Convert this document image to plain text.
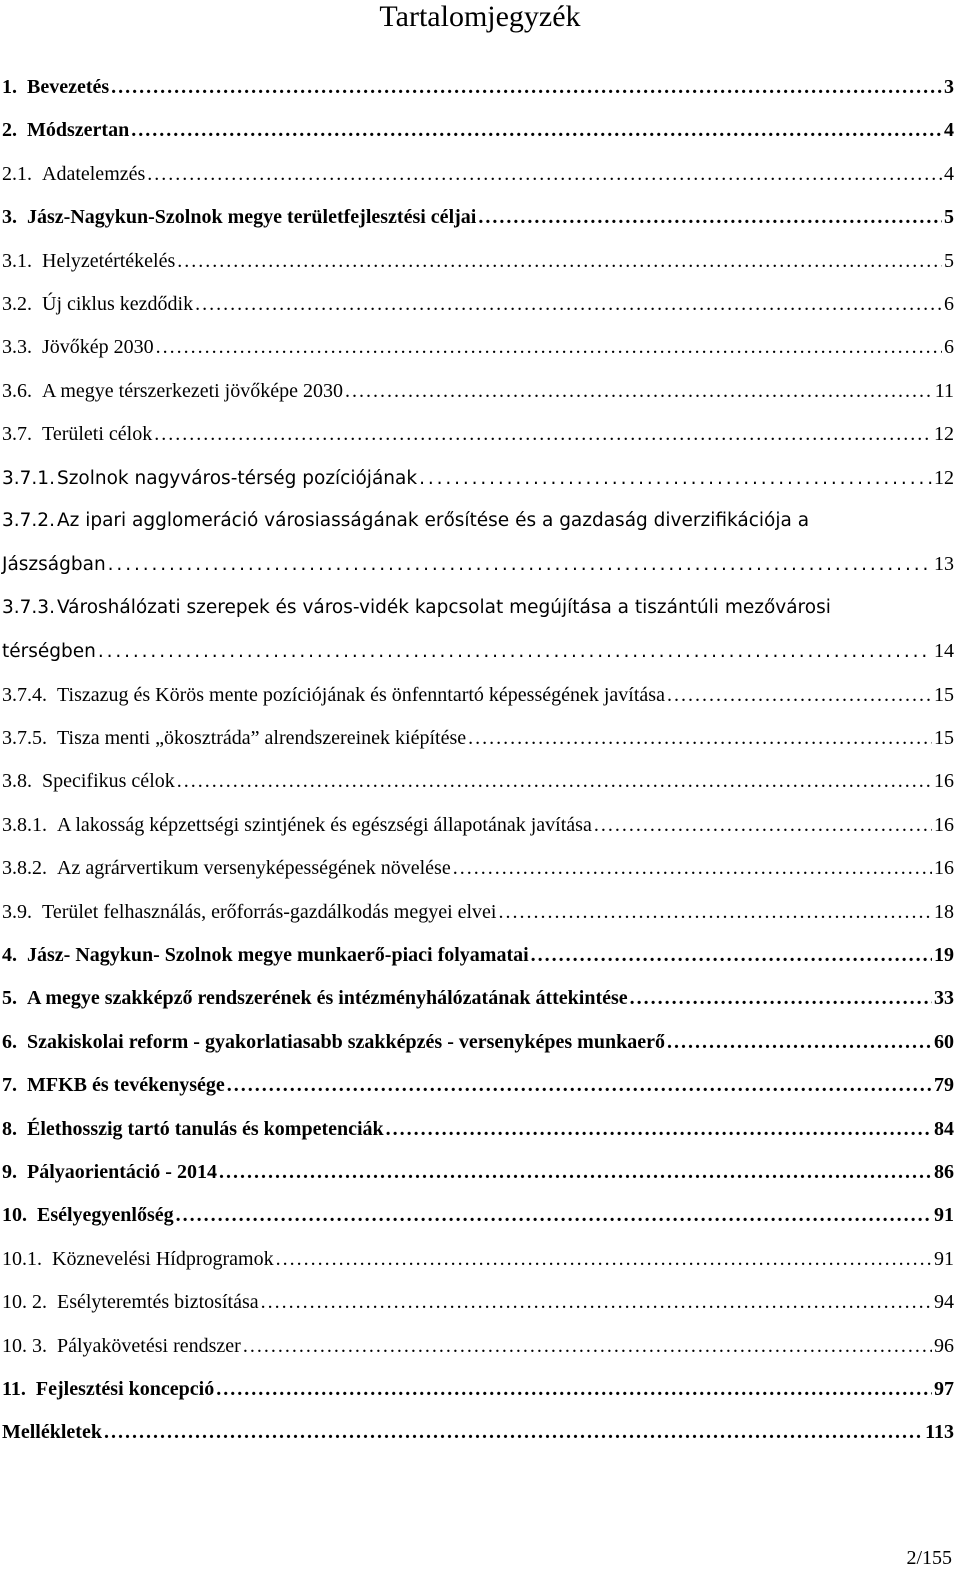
Tartalomjegyzék
1. Bevezetés . . .	3
2. Módszertan . . .	4
2.1. Adatelemzés . . .	4
3. Jász-Nagykun-Szolnok megye területfejlesztési céljai . . .	5
3.1. Helyzetértékelés . . .	5
3.2. Új ciklus kezdődik . . .	6
3.3. Jövőkép 2030 . . .	6
3.6. A megye térszerkezeti jövőképe 2030 . . .	11
3.7. Területi célok . . .	12
3.7.1. Szolnok nagyváros-térség pozíciójának . . .	12
3.7.2. Az ipari agglomeráció városiasságának erősítése és a gazdaság diverzifikációja a
Jászságban . . .	13
3.7.3. Városhálózati szerepek és város-vidék kapcsolat megújítása a tiszántúli mezővárosi
térségben . . .	14
3.7.4. Tiszazug és Körös mente pozíciójának és önfenntartó képességének javítása . . .	15
3.7.5. Tisza menti „ökosztráda” alrendszereinek kiépítése . . .	15
3.8. Specifikus célok . . .	16
3.8.1. A lakosság képzettségi szintjének és egészségi állapotának javítása . . .	16
3.8.2. Az agrárvertikum versenyképességének növelése . . .	16
3.9. Terület felhasználás, erőforrás-gazdálkodás megyei elvei . . .	18
4. Jász- Nagykun- Szolnok megye munkaerő-piaci folyamatai . . .	19
5. A megye szakképző rendszerének és intézményhálózatának áttekintése . . .	33
6. Szakiskolai reform - gyakorlatiasabb szakképzés - versenyképes munkaerő . . .	60
7. MFKB és tevékenysége . . .	79
8. Élethosszig tartó tanulás és kompetenciák . . .	84
9. Pályaorientáció - 2014 . . .	86
10. Esélyegyenlőség . . .	91
10.1. Köznevelési Hídprogramok . . .	91
10. 2. Esélyteremtés biztosítása . . .	94
10. 3. Pályakövetési rendszer . . .	96
11. Fejlesztési koncepció . . .	97
Mellékletek . . .	113
2/155
